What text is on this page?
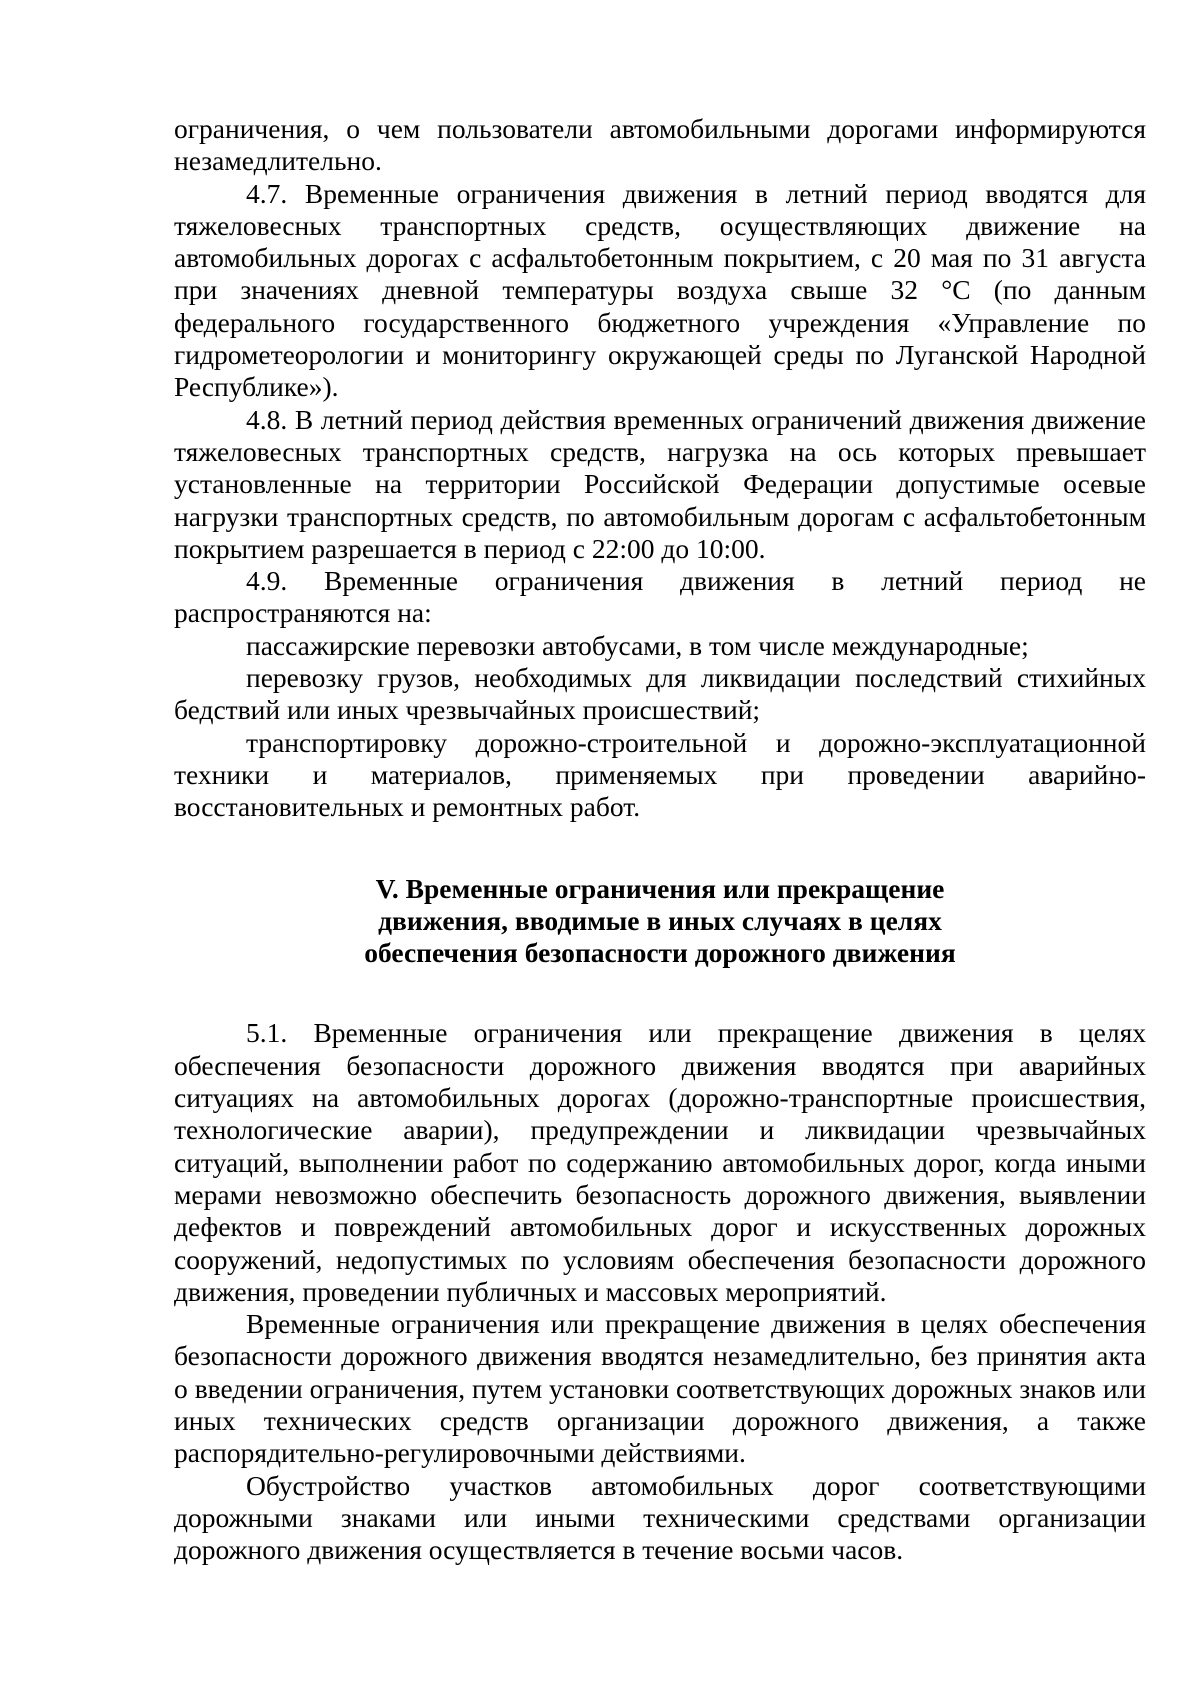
ограничения, о чем пользователи автомобильными дорогами информируются незамедлительно.

4.7. Временные ограничения движения в летний период вводятся для тяжеловесных транспортных средств, осуществляющих движение на автомобильных дорогах с асфальтобетонным покрытием, с 20 мая по 31 августа при значениях дневной температуры воздуха свыше 32 °С (по данным федерального государственного бюджетного учреждения «Управление по гидрометеорологии и мониторингу окружающей среды по Луганской Народной Республике»).

4.8. В летний период действия временных ограничений движения движение тяжеловесных транспортных средств, нагрузка на ось которых превышает установленные на территории Российской Федерации допустимые осевые нагрузки транспортных средств, по автомобильным дорогам с асфальтобетонным покрытием разрешается в период с 22:00 до 10:00.

4.9. Временные ограничения движения в летний период не распространяются на:

пассажирские перевозки автобусами, в том числе международные;

перевозку грузов, необходимых для ликвидации последствий стихийных бедствий или иных чрезвычайных происшествий;

транспортировку дорожно-строительной и дорожно-эксплуатационной техники и материалов, применяемых при проведении аварийно-восстановительных и ремонтных работ.

V. Временные ограничения или прекращение
движения, вводимые в иных случаях в целях
обеспечения безопасности дорожного движения

5.1. Временные ограничения или прекращение движения в целях обеспечения безопасности дорожного движения вводятся при аварийных ситуациях на автомобильных дорогах (дорожно-транспортные происшествия, технологические аварии), предупреждении и ликвидации чрезвычайных ситуаций, выполнении работ по содержанию автомобильных дорог, когда иными мерами невозможно обеспечить безопасность дорожного движения, выявлении дефектов и повреждений автомобильных дорог и искусственных дорожных сооружений, недопустимых по условиям обеспечения безопасности дорожного движения, проведении публичных и массовых мероприятий.

Временные ограничения или прекращение движения в целях обеспечения безопасности дорожного движения вводятся незамедлительно, без принятия акта о введении ограничения, путем установки соответствующих дорожных знаков или иных технических средств организации дорожного движения, а также распорядительно-регулировочными действиями.

Обустройство участков автомобильных дорог соответствующими дорожными знаками или иными техническими средствами организации дорожного движения осуществляется в течение восьми часов.
